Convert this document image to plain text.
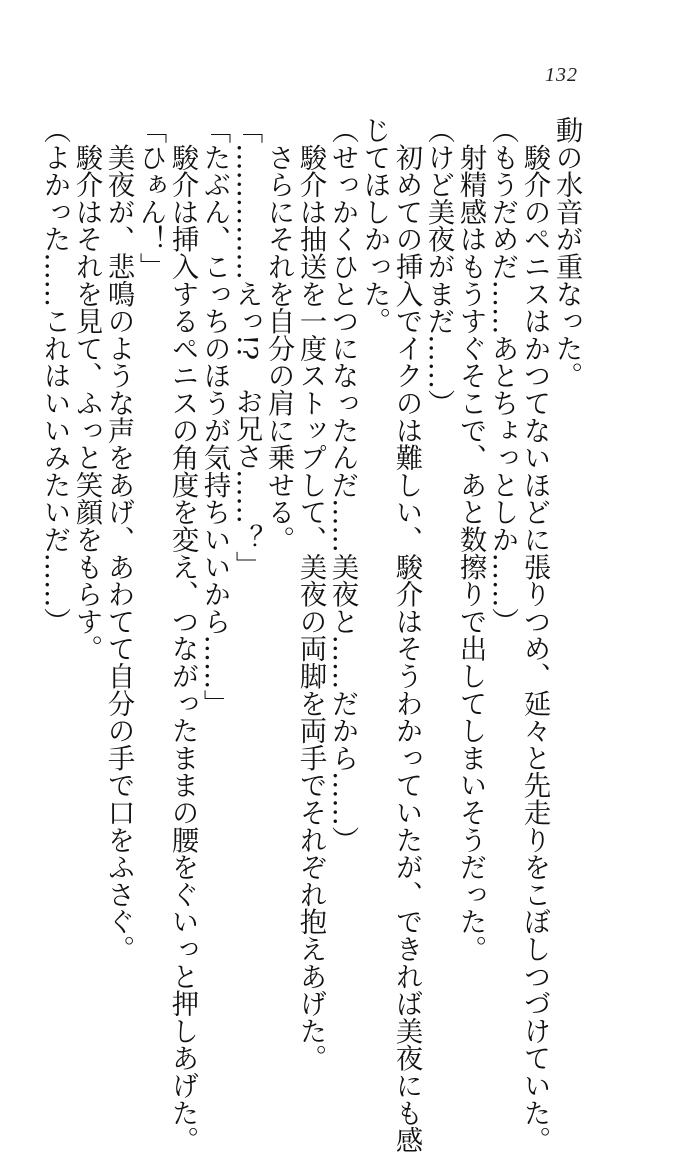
132
動の水音が重なった。
　駿介のペニスはかつてないほどに張りつめ、延々と先走りをこぼしつづけていた。
（もうだめだ……あとちょっとしか……）
　射精感はもうすぐそこで、あと数擦りで出してしまいそうだった。
（けど美夜がまだ……）
　初めての挿入でイクのは難しい、駿介はそうわかっていたが、できれば美夜にも感
じてほしかった。
（せっかくひとつになったんだ……美夜と……だから……）
　駿介は抽送を一度ストップして、美夜の両脚を両手でそれぞれ抱えあげた。
　さらにそれを自分の肩に乗せる。
「……………えっ!?　お兄さ……？」
「たぶん、こっちのほうが気持ちいいから……」
　駿介は挿入するペニスの角度を変え、つながったままの腰をぐいっと押しあげた。
「ひぁん！」
　美夜が、悲鳴のような声をあげ、あわてて自分の手で口をふさぐ。
　駿介はそれを見て、ふっと笑顔をもらす。
（よかった……これはいいみたいだ……）
